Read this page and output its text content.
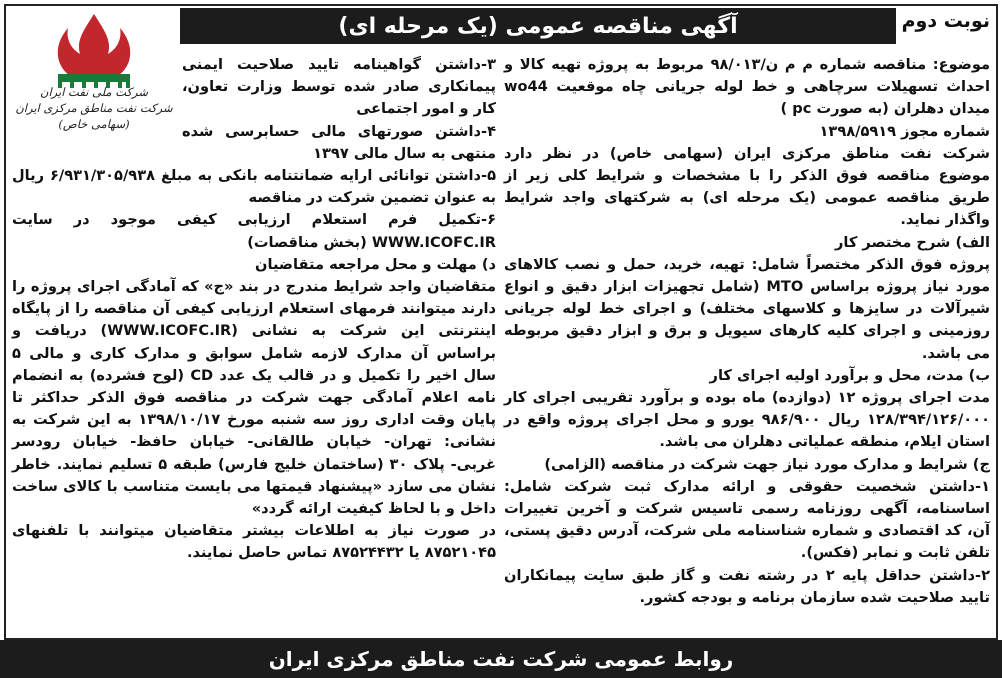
نوبت دوم
آگهی مناقصه عمومی (یک مرحله ای)

شرکت ملی نفت ایران

شرکت نفت مناطق مرکزی ایران

(سهامی خاص)

موضوع: مناقصه شماره م م ن/۹۸/۰۱۳ مربوط به پروژه تهیه کالا و احداث تسهیلات سرچاهی و خط لوله جریانی چاه موقعیت wo44 میدان دهلران (به صورت pc )

شماره مجوز ۱۳۹۸/۵۹۱۹

شرکت نفت مناطق مرکزی ایران (سهامی خاص) در نظر دارد موضوع مناقصه فوق الذکر را با مشخصات و شرایط کلی زیر از طریق مناقصه عمومی (یک مرحله ای) به شرکتهای واجد شرایط واگذار نماید.

الف) شرح مختصر کار

پروژه فوق الذکر مختصراً شامل: تهیه، خرید، حمل و نصب کالاهای مورد نیاز پروژه براساس MTO (شامل تجهیزات ابزار دقیق و انواع شیرآلات در سایزها و کلاسهای مختلف) و اجرای خط لوله جریانی روزمینی و اجرای کلیه کارهای سیویل و برق و ابزار دقیق مربوطه می باشد.

ب) مدت، محل و برآورد اولیه اجرای کار

مدت اجرای پروژه ۱۲ (دوازده) ماه بوده و برآورد تقریبی اجرای کار ۱۲۸/۳۹۴/۱۲۶/۰۰۰ ریال ۹۸۶/۹۰۰ یورو و محل اجرای پروژه واقع در استان ایلام، منطقه عملیاتی دهلران می باشد.

ج) شرایط و مدارک مورد نیاز جهت شرکت در مناقصه (الزامی)

۱-داشتن شخصیت حقوقی و ارائه مدارک ثبت شرکت شامل: اساسنامه، آگهی روزنامه رسمی تاسیس شرکت و آخرین تغییرات آن، کد اقتصادی و شماره شناسنامه ملی شرکت، آدرس دقیق پستی، تلفن ثابت و نمابر (فکس).

۲-داشتن حداقل پایه ۲ در رشته نفت و گاز طبق سایت پیمانکاران تایید صلاحیت شده سازمان برنامه و بودجه کشور.

۳-داشتن گواهینامه تایید صلاحیت ایمنی پیمانکاری صادر شده توسط وزارت تعاون، کار و امور اجتماعی

۴-داشتن صورتهای مالی حسابرسی شده منتهی به سال مالی ۱۳۹۷

۵-داشتن توانائی ارایه ضمانتنامه بانکی به مبلغ ۶/۹۳۱/۳۰۵/۹۳۸ ریال به عنوان تضمین شرکت در مناقصه

۶-تکمیل فرم استعلام ارزیابی کیفی موجود در سایت WWW.ICOFC.IR (بخش مناقصات)

د) مهلت و محل مراجعه متقاضیان

متقاضیان واجد شرایط مندرج در بند «ج» که آمادگی اجرای پروژه را دارند میتوانند فرمهای استعلام ارزیابی کیفی آن مناقصه را از پایگاه اینترنتی این شرکت به نشانی (WWW.ICOFC.IR) دریافت و براساس آن مدارک لازمه شامل سوابق و مدارک کاری و مالی ۵ سال اخیر را تکمیل و در قالب یک عدد CD (لوح فشرده) به انضمام نامه اعلام آمادگی جهت شرکت در مناقصه فوق الذکر حداکثر تا پایان وقت اداری روز سه شنبه مورخ ۱۳۹۸/۱۰/۱۷ به این شرکت به نشانی: تهران- خیابان طالقانی- خیابان حافظ- خیابان رودسر غربی- پلاک ۳۰ (ساختمان خلیج فارس) طبقه ۵ تسلیم نمایند. خاطر نشان می سازد «پیشنهاد قیمتها می بایست متناسب با کالای ساخت داخل و با لحاظ کیفیت ارائه گردد»

در صورت نیاز به اطلاعات بیشتر متقاضیان میتوانند با تلفنهای ۸۷۵۲۱۰۴۵ یا ۸۷۵۲۴۴۳۲ تماس حاصل نمایند.

روابط عمومی شرکت نفت مناطق مرکزی ایران
